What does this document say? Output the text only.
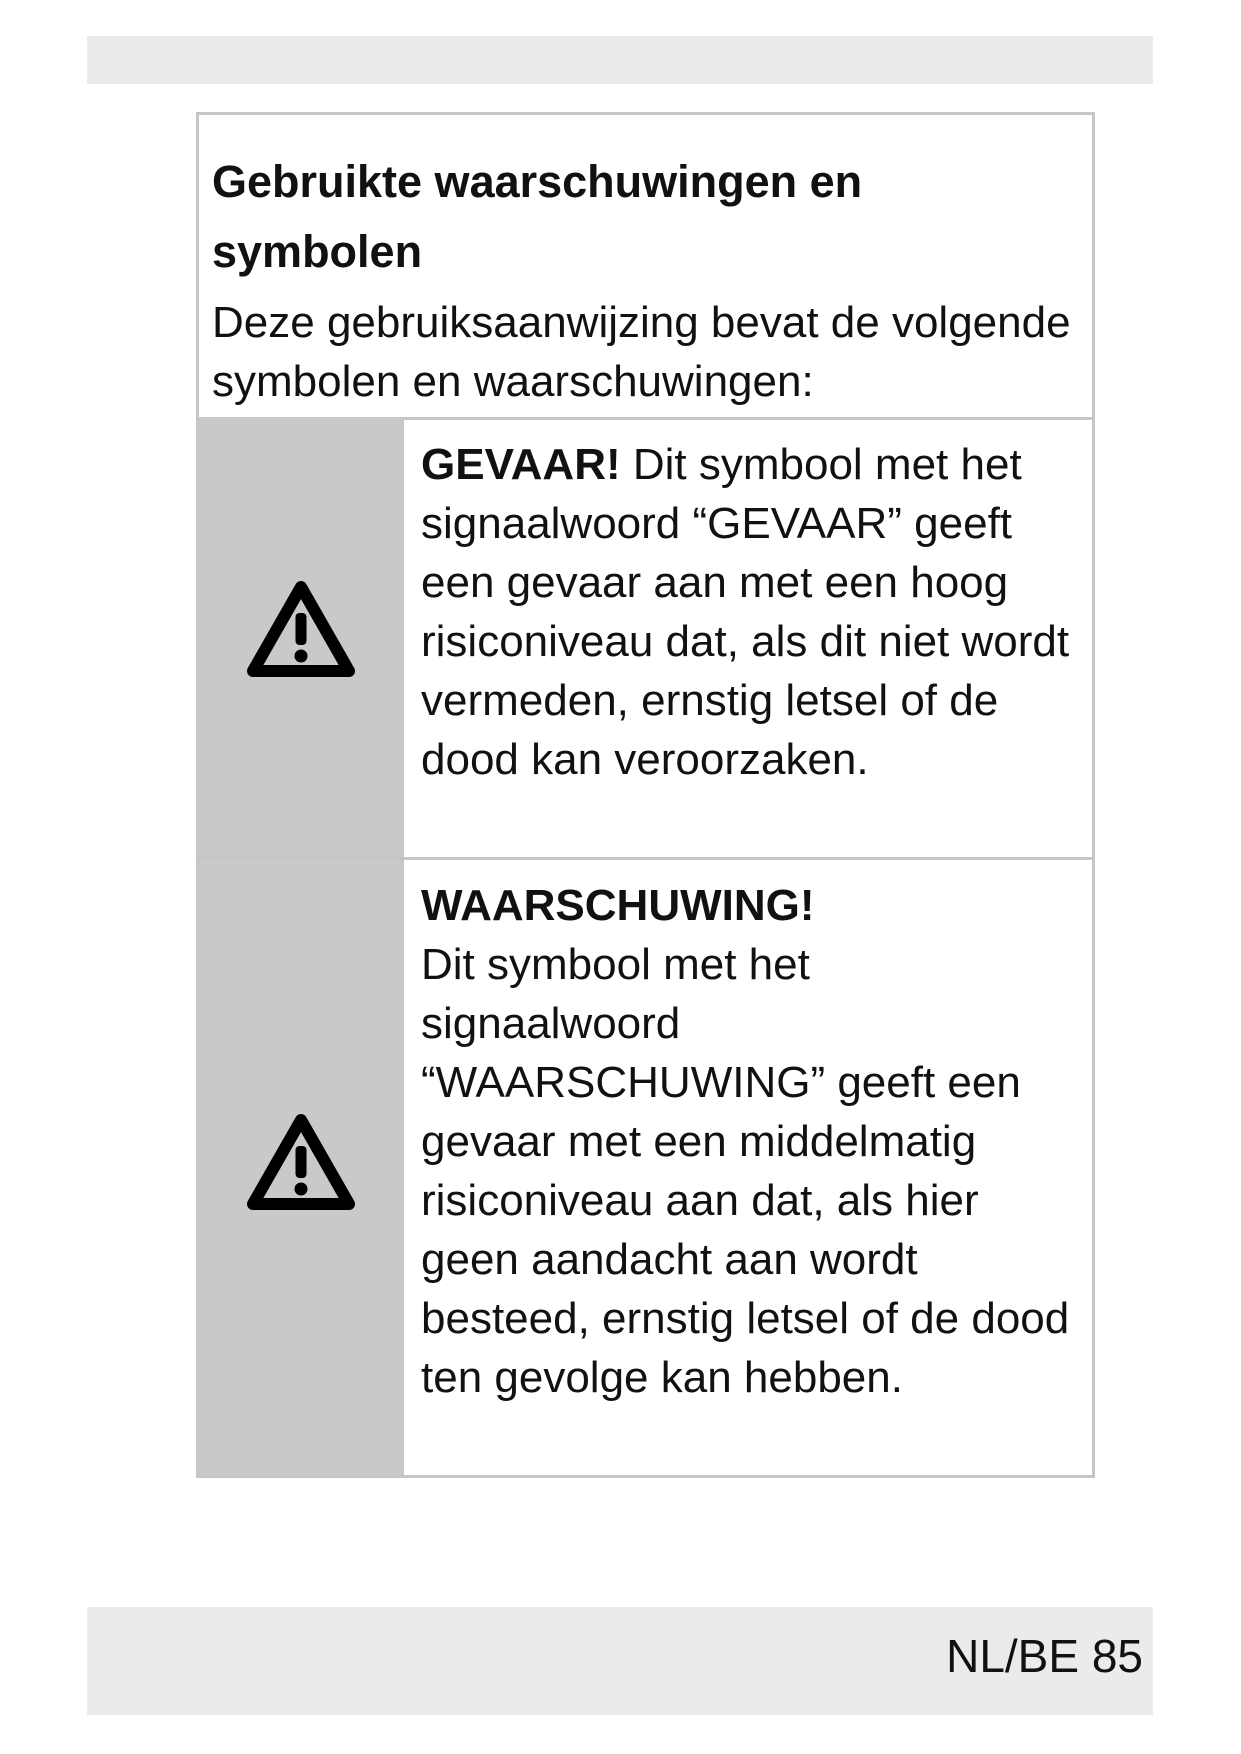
Gebruikte waarschuwingen en symbolen

Deze gebruiksaanwijzing bevat de volgende symbolen en waarschuwingen:

GEVAAR! Dit symbool met het signaalwoord “GEVAAR” geeft een gevaar aan met een hoog risiconiveau dat, als dit niet wordt vermeden, ernstig letsel of de dood kan veroorzaken.

WAARSCHUWING!
Dit symbool met het signaalwoord “WAARSCHUWING” geeft een gevaar met een middelmatig risiconiveau aan dat, als hier geen aandacht aan wordt besteed, ernstig letsel of de dood ten gevolge kan hebben.

NL/BE 85
